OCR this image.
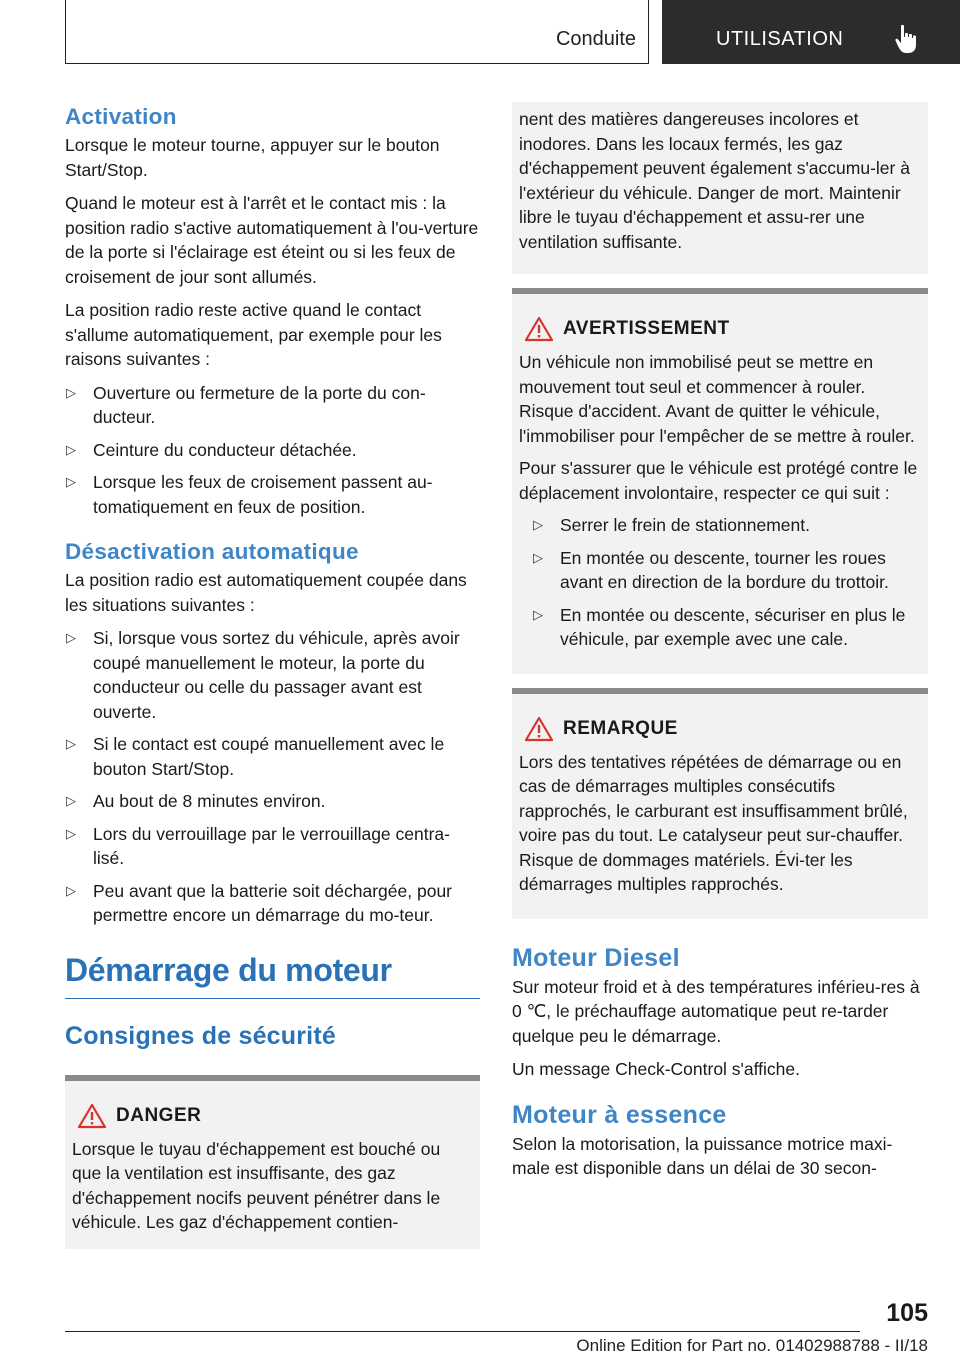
Conduite	UTILISATION
Activation

Lorsque le moteur tourne, appuyer sur le bouton Start/Stop.

Quand le moteur est à l'arrêt et le contact mis : la position radio s'active automatiquement à l'ou-verture de la porte si l'éclairage est éteint ou si les feux de croisement de jour sont allumés.

La position radio reste active quand le contact s'allume automatiquement, par exemple pour les raisons suivantes :

▷ Ouverture ou fermeture de la porte du con-ducteur.
▷ Ceinture du conducteur détachée.
▷ Lorsque les feux de croisement passent au-tomatiquement en feux de position.
Désactivation automatique

La position radio est automatiquement coupée dans les situations suivantes :

▷ Si, lorsque vous sortez du véhicule, après avoir coupé manuellement le moteur, la porte du conducteur ou celle du passager avant est ouverte.
▷ Si le contact est coupé manuellement avec le bouton Start/Stop.
▷ Au bout de 8 minutes environ.
▷ Lors du verrouillage par le verrouillage centra-lisé.
▷ Peu avant que la batterie soit déchargée, pour permettre encore un démarrage du mo-teur.
Démarrage du moteur
Consignes de sécurité
DANGER

Lorsque le tuyau d'échappement est bouché ou que la ventilation est insuffisante, des gaz d'échappement nocifs peuvent pénétrer dans le véhicule. Les gaz d'échappement contien-

nent des matières dangereuses incolores et inodores. Dans les locaux fermés, les gaz d'échappement peuvent également s'accumu-ler à l'extérieur du véhicule. Danger de mort. Maintenir libre le tuyau d'échappement et assu-rer une ventilation suffisante.

AVERTISSEMENT

Un véhicule non immobilisé peut se mettre en mouvement tout seul et commencer à rouler. Risque d'accident. Avant de quitter le véhicule, l'immobiliser pour l'empêcher de se mettre à rouler.

Pour s'assurer que le véhicule est protégé contre le déplacement involontaire, respecter ce qui suit :

▷ Serrer le frein de stationnement.
▷ En montée ou descente, tourner les roues avant en direction de la bordure du trottoir.
▷ En montée ou descente, sécuriser en plus le véhicule, par exemple avec une cale.
REMARQUE

Lors des tentatives répétées de démarrage ou en cas de démarrages multiples consécutifs rapprochés, le carburant est insuffisamment brûlé, voire pas du tout. Le catalyseur peut sur-chauffer. Risque de dommages matériels. Évi-ter les démarrages multiples rapprochés.

Moteur Diesel

Sur moteur froid et à des températures inférieu-res à 0 ℃, le préchauffage automatique peut re-tarder quelque peu le démarrage.

Un message Check-Control s'affiche.

Moteur à essence

Selon la motorisation, la puissance motrice maxi-male est disponible dans un délai de 30 secon-

105
Online Edition for Part no. 01402988788 - II/18
